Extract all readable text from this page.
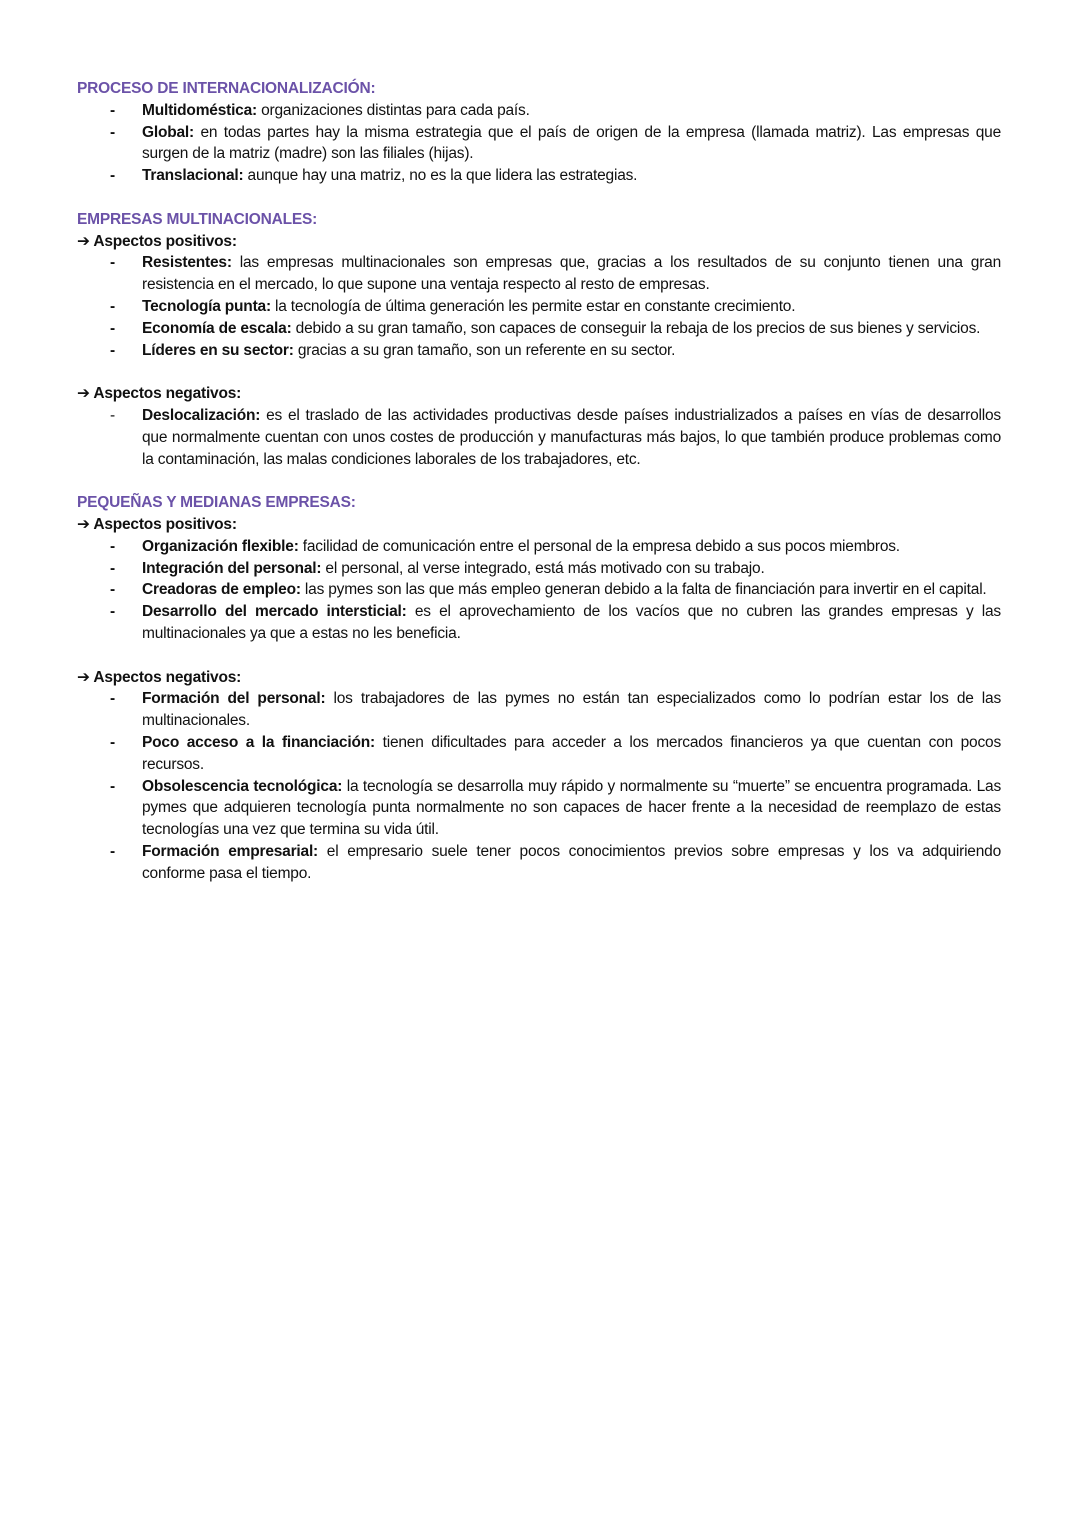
PROCESO DE INTERNACIONALIZACIÓN:
- Multidoméstica: organizaciones distintas para cada país.
- Global: en todas partes hay la misma estrategia que el país de origen de la empresa (llamada matriz). Las empresas que surgen de la matriz (madre) son las filiales (hijas).
- Translacional: aunque hay una matriz, no es la que lidera las estrategias.
EMPRESAS MULTINACIONALES:
➔ Aspectos positivos:
- Resistentes: las empresas multinacionales son empresas que, gracias a los resultados de su conjunto tienen una gran resistencia en el mercado, lo que supone una ventaja respecto al resto de empresas.
- Tecnología punta: la tecnología de última generación les permite estar en constante crecimiento.
- Economía de escala: debido a su gran tamaño, son capaces de conseguir la rebaja de los precios de sus bienes y servicios.
- Líderes en su sector: gracias a su gran tamaño, son un referente en su sector.
➔ Aspectos negativos:
- Deslocalización: es el traslado de las actividades productivas desde países industrializados a países en vías de desarrollos que normalmente cuentan con unos costes de producción y manufacturas más bajos, lo que también produce problemas como la contaminación, las malas condiciones laborales de los trabajadores, etc.
PEQUEÑAS Y MEDIANAS EMPRESAS:
➔ Aspectos positivos:
- Organización flexible: facilidad de comunicación entre el personal de la empresa debido a sus pocos miembros.
- Integración del personal: el personal, al verse integrado, está más motivado con su trabajo.
- Creadoras de empleo: las pymes son las que más empleo generan debido a la falta de financiación para invertir en el capital.
- Desarrollo del mercado intersticial: es el aprovechamiento de los vacíos que no cubren las grandes empresas y las multinacionales ya que a estas no les beneficia.
➔ Aspectos negativos:
- Formación del personal: los trabajadores de las pymes no están tan especializados como lo podrían estar los de las multinacionales.
- Poco acceso a la financiación: tienen dificultades para acceder a los mercados financieros ya que cuentan con pocos recursos.
- Obsolescencia tecnológica: la tecnología se desarrolla muy rápido y normalmente su “muerte” se encuentra programada. Las pymes que adquieren tecnología punta normalmente no son capaces de hacer frente a la necesidad de reemplazo de estas tecnologías una vez que termina su vida útil.
- Formación empresarial: el empresario suele tener pocos conocimientos previos sobre empresas y los va adquiriendo conforme pasa el tiempo.
